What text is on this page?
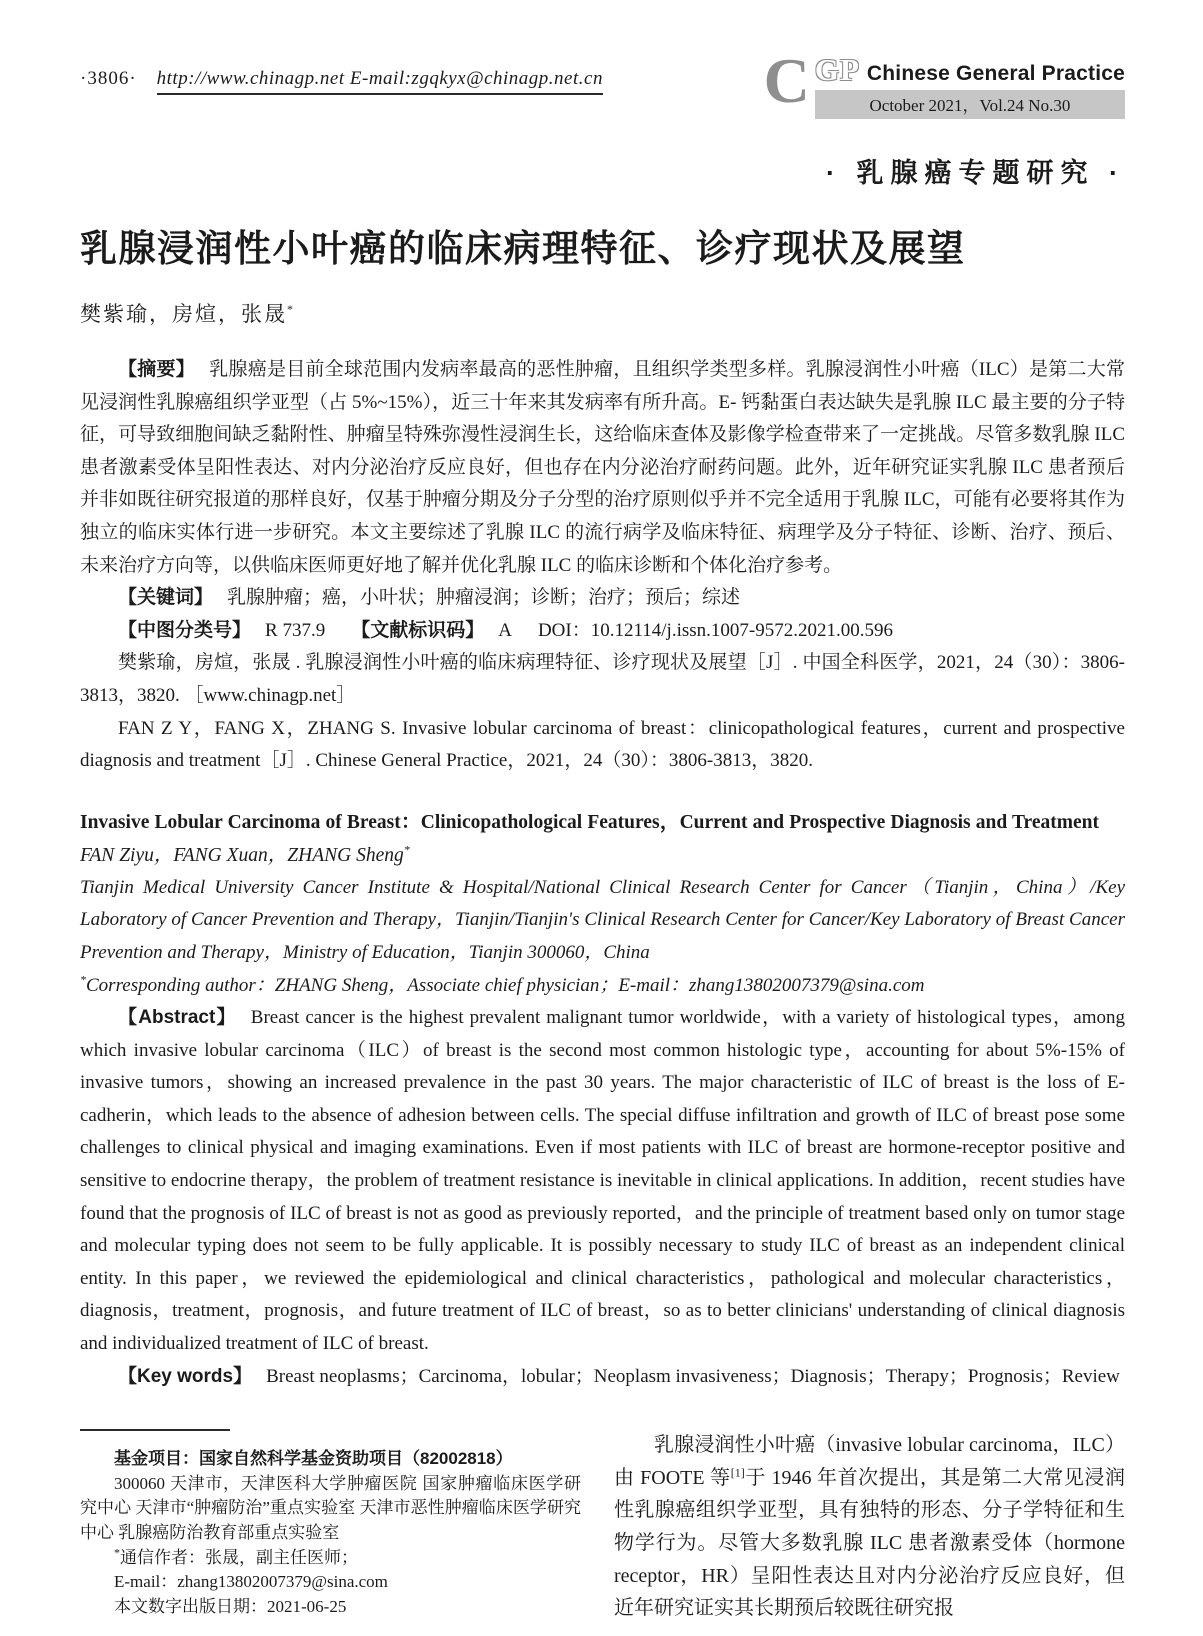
·3806· http://www.chinagp.net E-mail:zgqkyx@chinagp.net.cn	C GP Chinese General Practice
October 2021，Vol.24 No.30
· 乳腺癌专题研究 ·
乳腺浸润性小叶癌的临床病理特征、诊疗现状及展望
樊紫瑜，房煊，张晟*

【摘要】 乳腺癌是目前全球范围内发病率最高的恶性肿瘤，且组织学类型多样。乳腺浸润性小叶癌（ILC）是第二大常见浸润性乳腺癌组织学亚型（占 5%~15%），近三十年来其发病率有所升高。E- 钙黏蛋白表达缺失是乳腺 ILC 最主要的分子特征，可导致细胞间缺乏黏附性、肿瘤呈特殊弥漫性浸润生长，这给临床查体及影像学检查带来了一定挑战。尽管多数乳腺 ILC 患者激素受体呈阳性表达、对内分泌治疗反应良好，但也存在内分泌治疗耐药问题。此外，近年研究证实乳腺 ILC 患者预后并非如既往研究报道的那样良好，仅基于肿瘤分期及分子分型的治疗原则似乎并不完全适用于乳腺 ILC，可能有必要将其作为独立的临床实体行进一步研究。本文主要综述了乳腺 ILC 的流行病学及临床特征、病理学及分子特征、诊断、治疗、预后、未来治疗方向等，以供临床医师更好地了解并优化乳腺 ILC 的临床诊断和个体化治疗参考。

【关键词】 乳腺肿瘤；癌，小叶状；肿瘤浸润；诊断；治疗；预后；综述

【中图分类号】 R 737.9 【文献标识码】 A DOI：10.12114/j.issn.1007-9572.2021.00.596

樊紫瑜，房煊，张晟 . 乳腺浸润性小叶癌的临床病理特征、诊疗现状及展望［J］. 中国全科医学，2021，24（30）：3806-3813，3820. ［www.chinagp.net］

FAN Z Y，FANG X，ZHANG S. Invasive lobular carcinoma of breast：clinicopathological features，current and prospective diagnosis and treatment［J］. Chinese General Practice，2021，24（30）：3806-3813，3820.

Invasive Lobular Carcinoma of Breast：Clinicopathological Features，Current and Prospective Diagnosis and TreatmentFAN Ziyu，FANG Xuan，ZHANG Sheng*

Tianjin Medical University Cancer Institute & Hospital/National Clinical Research Center for Cancer（Tianjin，China）/Key Laboratory of Cancer Prevention and Therapy，Tianjin/Tianjin's Clinical Research Center for Cancer/Key Laboratory of Breast Cancer Prevention and Therapy，Ministry of Education，Tianjin 300060，China

*Corresponding author：ZHANG Sheng，Associate chief physician；E-mail：zhang13802007379@sina.com

【Abstract】 Breast cancer is the highest prevalent malignant tumor worldwide，with a variety of histological types，among which invasive lobular carcinoma（ILC）of breast is the second most common histologic type，accounting for about 5%-15% of invasive tumors，showing an increased prevalence in the past 30 years. The major characteristic of ILC of breast is the loss of E-cadherin，which leads to the absence of adhesion between cells. The special diffuse infiltration and growth of ILC of breast pose some challenges to clinical physical and imaging examinations. Even if most patients with ILC of breast are hormone-receptor positive and sensitive to endocrine therapy，the problem of treatment resistance is inevitable in clinical applications. In addition，recent studies have found that the prognosis of ILC of breast is not as good as previously reported，and the principle of treatment based only on tumor stage and molecular typing does not seem to be fully applicable. It is possibly necessary to study ILC of breast as an independent clinical entity. In this paper，we reviewed the epidemiological and clinical characteristics，pathological and molecular characteristics，diagnosis，treatment，prognosis，and future treatment of ILC of breast，so as to better clinicians' understanding of clinical diagnosis and individualized treatment of ILC of breast.

【Key words】 Breast neoplasms；Carcinoma，lobular；Neoplasm invasiveness；Diagnosis；Therapy；Prognosis；Review

基金项目：国家自然科学基金资助项目（82002818）

300060 天津市，天津医科大学肿瘤医院 国家肿瘤临床医学研究中心 天津市“肿瘤防治”重点实验室 天津市恶性肿瘤临床医学研究中心 乳腺癌防治教育部重点实验室

*通信作者：张晟，副主任医师；

E-mail：zhang13802007379@sina.com

本文数字出版日期：2021-06-25

乳腺浸润性小叶癌（invasive lobular carcinoma，ILC）由 FOOTE 等[1]于 1946 年首次提出，其是第二大常见浸润性乳腺癌组织学亚型，具有独特的形态、分子学特征和生物学行为。尽管大多数乳腺 ILC 患者激素受体（hormone receptor，HR）呈阳性表达且对内分泌治疗反应良好，但近年研究证实其长期预后较既往研究报
